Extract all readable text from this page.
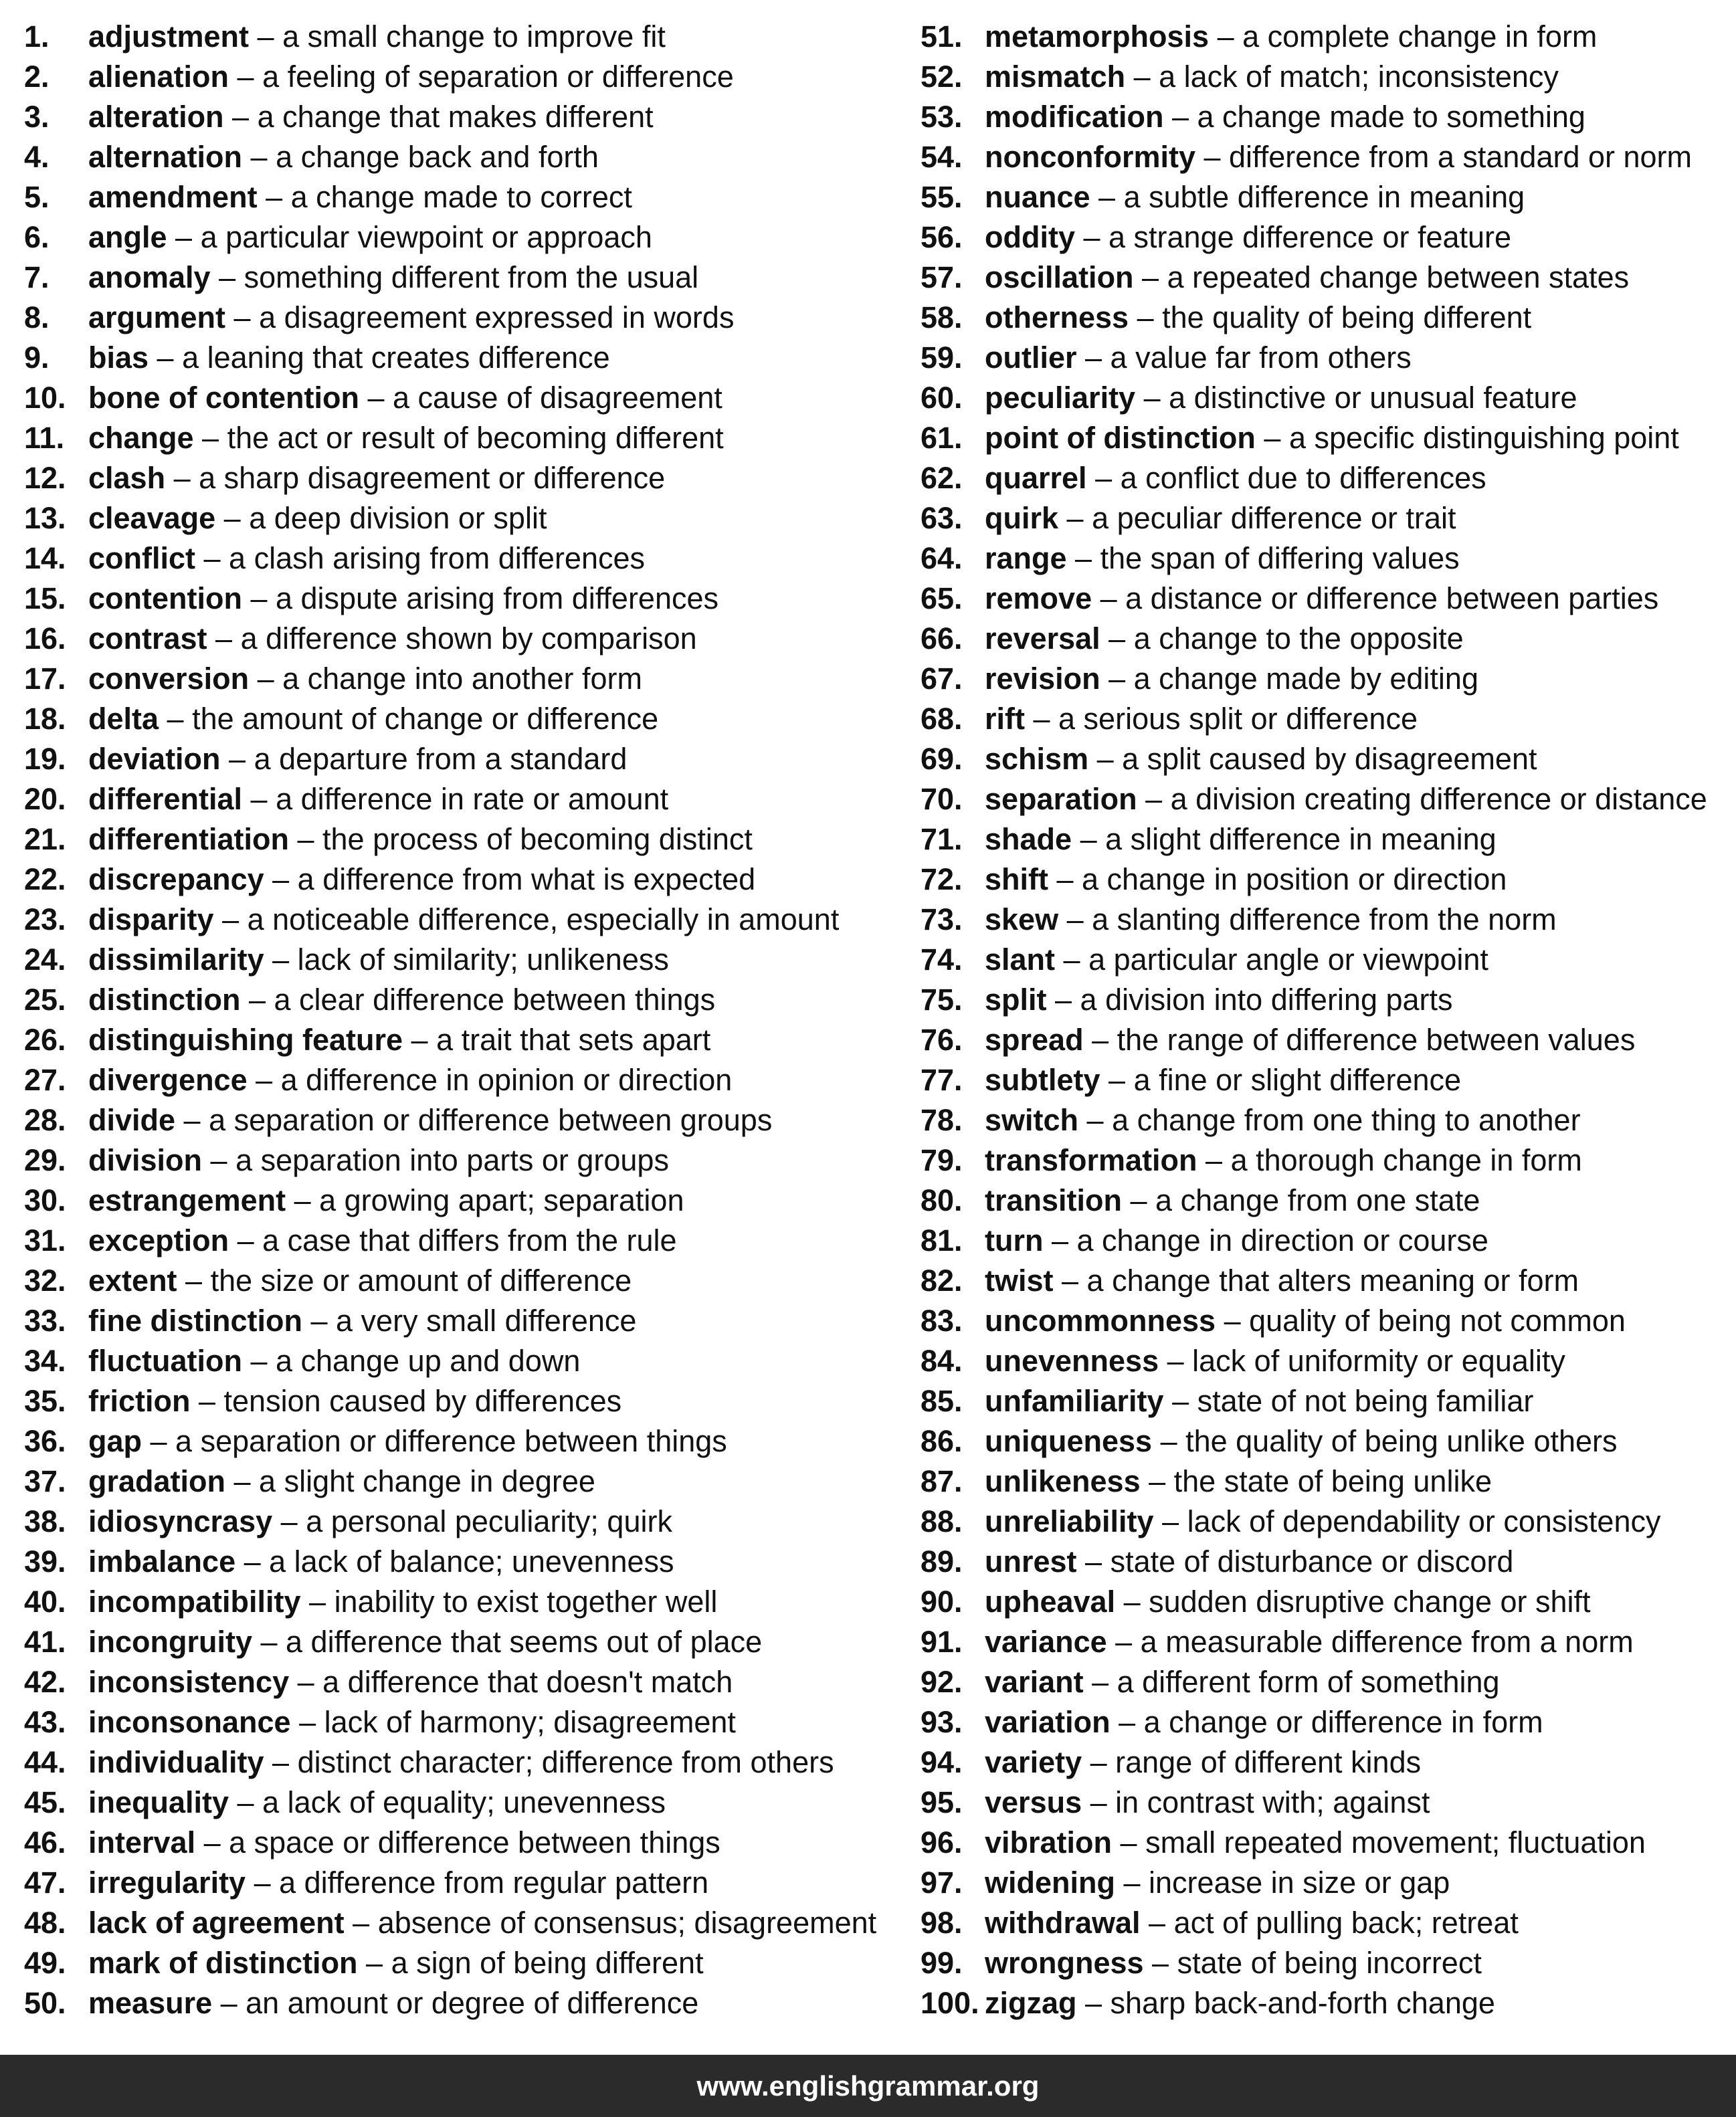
1. adjustment – a small change to improve fit
2. alienation – a feeling of separation or difference
3. alteration – a change that makes different
4. alternation – a change back and forth
5. amendment – a change made to correct
6. angle – a particular viewpoint or approach
7. anomaly – something different from the usual
8. argument – a disagreement expressed in words
9. bias – a leaning that creates difference
10. bone of contention – a cause of disagreement
11. change – the act or result of becoming different
12. clash – a sharp disagreement or difference
13. cleavage – a deep division or split
14. conflict – a clash arising from differences
15. contention – a dispute arising from differences
16. contrast – a difference shown by comparison
17. conversion – a change into another form
18. delta – the amount of change or difference
19. deviation – a departure from a standard
20. differential – a difference in rate or amount
21. differentiation – the process of becoming distinct
22. discrepancy – a difference from what is expected
23. disparity – a noticeable difference, especially in amount
24. dissimilarity – lack of similarity; unlikeness
25. distinction – a clear difference between things
26. distinguishing feature – a trait that sets apart
27. divergence – a difference in opinion or direction
28. divide – a separation or difference between groups
29. division – a separation into parts or groups
30. estrangement – a growing apart; separation
31. exception – a case that differs from the rule
32. extent – the size or amount of difference
33. fine distinction – a very small difference
34. fluctuation – a change up and down
35. friction – tension caused by differences
36. gap – a separation or difference between things
37. gradation – a slight change in degree
38. idiosyncrasy – a personal peculiarity; quirk
39. imbalance – a lack of balance; unevenness
40. incompatibility – inability to exist together well
41. incongruity – a difference that seems out of place
42. inconsistency – a difference that doesn't match
43. inconsonance – lack of harmony; disagreement
44. individuality – distinct character; difference from others
45. inequality – a lack of equality; unevenness
46. interval – a space or difference between things
47. irregularity – a difference from regular pattern
48. lack of agreement – absence of consensus; disagreement
49. mark of distinction – a sign of being different
50. measure – an amount or degree of difference
51. metamorphosis – a complete change in form
52. mismatch – a lack of match; inconsistency
53. modification – a change made to something
54. nonconformity – difference from a standard or norm
55. nuance – a subtle difference in meaning
56. oddity – a strange difference or feature
57. oscillation – a repeated change between states
58. otherness – the quality of being different
59. outlier – a value far from others
60. peculiarity – a distinctive or unusual feature
61. point of distinction – a specific distinguishing point
62. quarrel – a conflict due to differences
63. quirk – a peculiar difference or trait
64. range – the span of differing values
65. remove – a distance or difference between parties
66. reversal – a change to the opposite
67. revision – a change made by editing
68. rift – a serious split or difference
69. schism – a split caused by disagreement
70. separation – a division creating difference or distance
71. shade – a slight difference in meaning
72. shift – a change in position or direction
73. skew – a slanting difference from the norm
74. slant – a particular angle or viewpoint
75. split – a division into differing parts
76. spread – the range of difference between values
77. subtlety – a fine or slight difference
78. switch – a change from one thing to another
79. transformation – a thorough change in form
80. transition – a change from one state
81. turn – a change in direction or course
82. twist – a change that alters meaning or form
83. uncommonness – quality of being not common
84. unevenness – lack of uniformity or equality
85. unfamiliarity – state of not being familiar
86. uniqueness – the quality of being unlike others
87. unlikeness – the state of being unlike
88. unreliability – lack of dependability or consistency
89. unrest – state of disturbance or discord
90. upheaval – sudden disruptive change or shift
91. variance – a measurable difference from a norm
92. variant – a different form of something
93. variation – a change or difference in form
94. variety – range of different kinds
95. versus – in contrast with; against
96. vibration – small repeated movement; fluctuation
97. widening – increase in size or gap
98. withdrawal – act of pulling back; retreat
99. wrongness – state of being incorrect
100. zigzag – sharp back-and-forth change
www.englishgrammar.org
